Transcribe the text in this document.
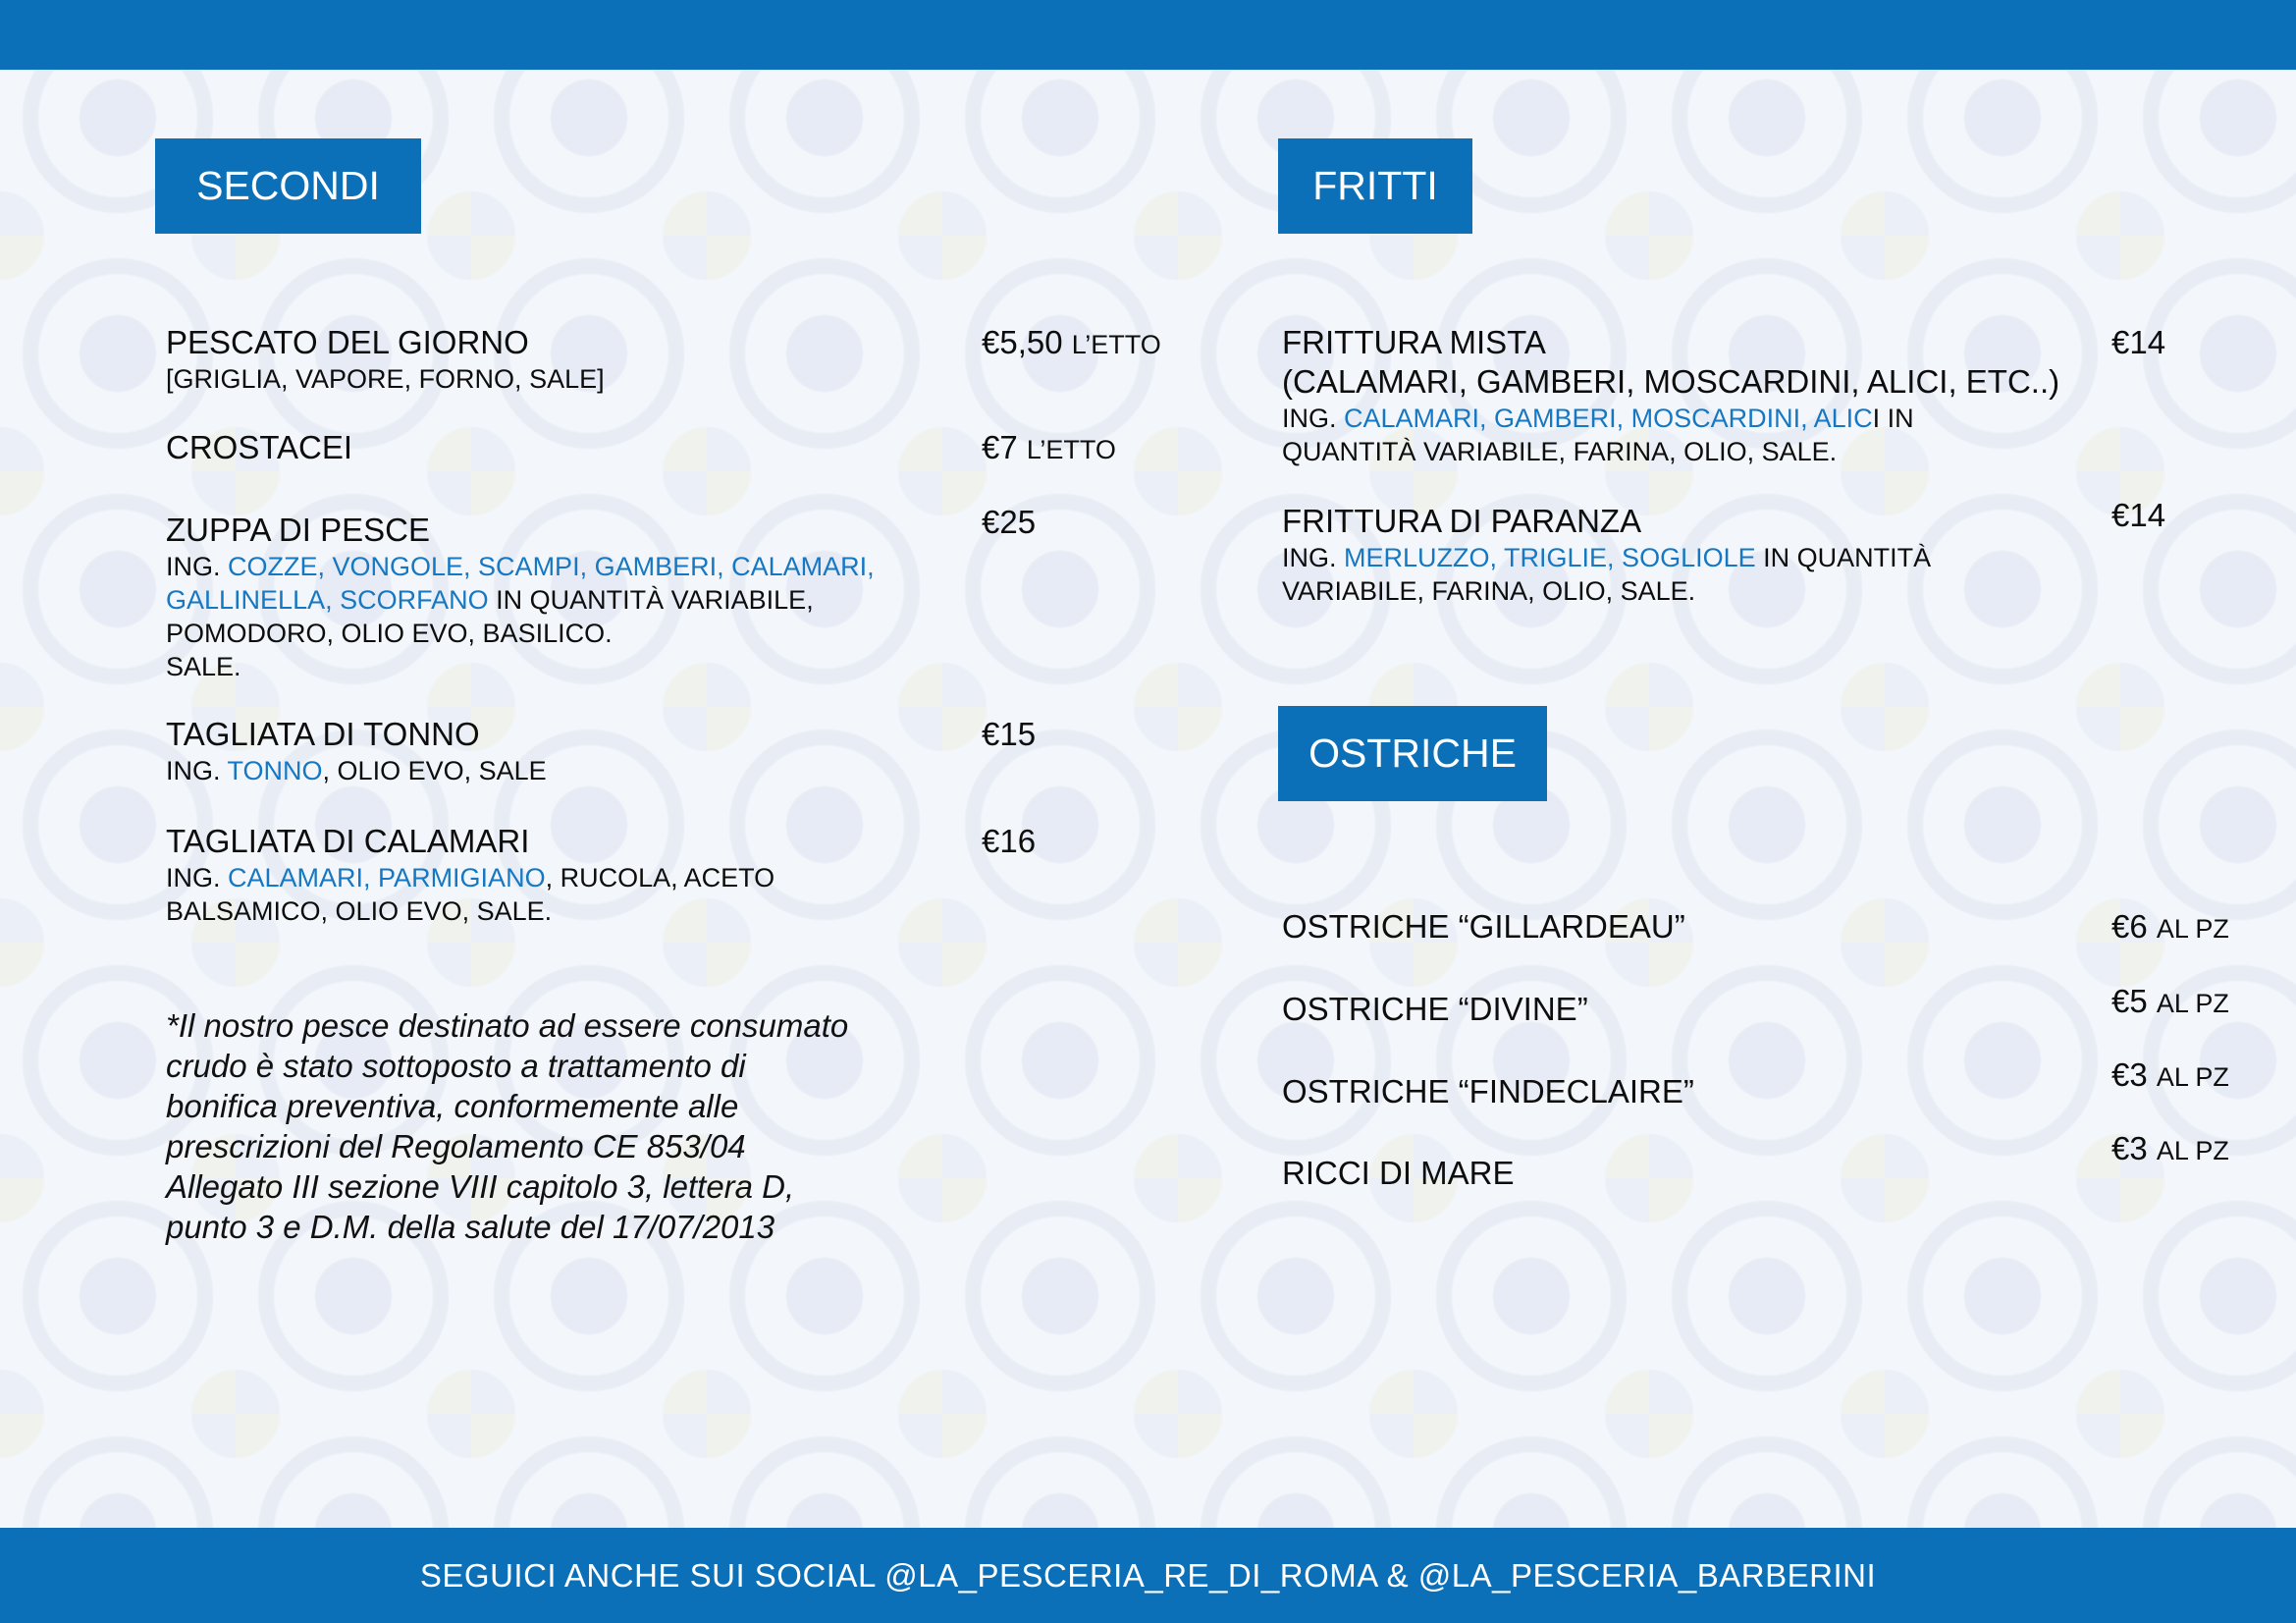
SECONDI
PESCATO DEL GIORNO
[GRIGLIA, VAPORE, FORNO, SALE]
€5,50 L’ETTO
CROSTACEI	€7 L’ETTO
ZUPPA DI PESCE
ING. COZZE, VONGOLE, SCAMPI, GAMBERI, CALAMARI,
GALLINELLA, SCORFANO IN QUANTITÀ VARIABILE,
POMODORO, OLIO EVO, BASILICO.
SALE.
€25
TAGLIATA DI TONNO
ING. TONNO, OLIO EVO, SALE
€15
TAGLIATA DI CALAMARI
ING. CALAMARI, PARMIGIANO, RUCOLA, ACETO
BALSAMICO, OLIO EVO, SALE.
€16
*Il nostro pesce destinato ad essere consumato
crudo è stato sottoposto a trattamento di
bonifica preventiva, conformemente alle
prescrizioni del Regolamento CE 853/04
Allegato III sezione VIII capitolo 3, lettera D,
punto 3 e D.M. della salute del 17/07/2013
FRITTI
FRITTURA MISTA
(CALAMARI, GAMBERI, MOSCARDINI, ALICI, ETC..)
ING. CALAMARI, GAMBERI, MOSCARDINI, ALICI IN
QUANTITÀ VARIABILE, FARINA, OLIO, SALE.
€14
FRITTURA DI PARANZA
ING. MERLUZZO, TRIGLIE, SOGLIOLE IN QUANTITÀ
VARIABILE, FARINA, OLIO, SALE.
€14
OSTRICHE
OSTRICHE “GILLARDEAU”	€6 AL PZ
OSTRICHE “DIVINE”	€5 AL PZ
OSTRICHE “FINDECLAIRE”	€3 AL PZ
RICCI DI MARE
€3 AL PZ
SEGUICI ANCHE SUI SOCIAL @LA_PESCERIA_RE_DI_ROMA & @LA_PESCERIA_BARBERINI
